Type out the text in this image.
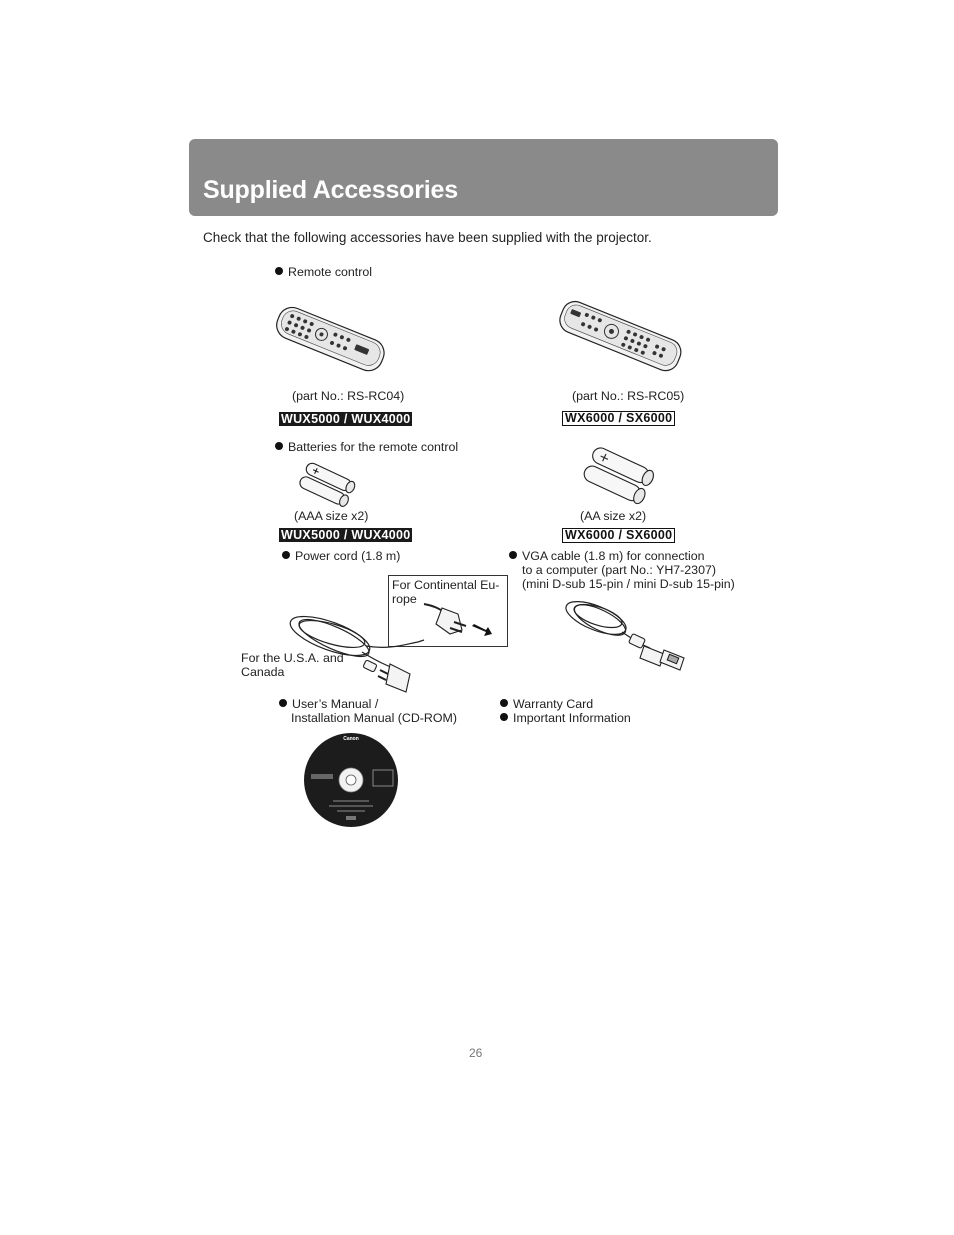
Supplied Accessories
Check that the following accessories have been supplied with the projector.
Remote control
(part No.: RS-RC04)	(part No.: RS-RC05)
WUX5000 / WUX4000	WX6000 / SX6000
Batteries for the remote control
(AAA size x2)	(AA size x2)
WUX5000 / WUX4000	WX6000 / SX6000
Power cord (1.8 m)
For Continental Eu-
rope
For the U.S.A. and
Canada
VGA cable (1.8 m) for connection
to a computer (part No.: YH7-2307)
(mini D-sub 15-pin / mini D-sub 15-pin)
User’s Manual /
Installation Manual (CD-ROM)
Canon
Warranty Card
Important Information
26
